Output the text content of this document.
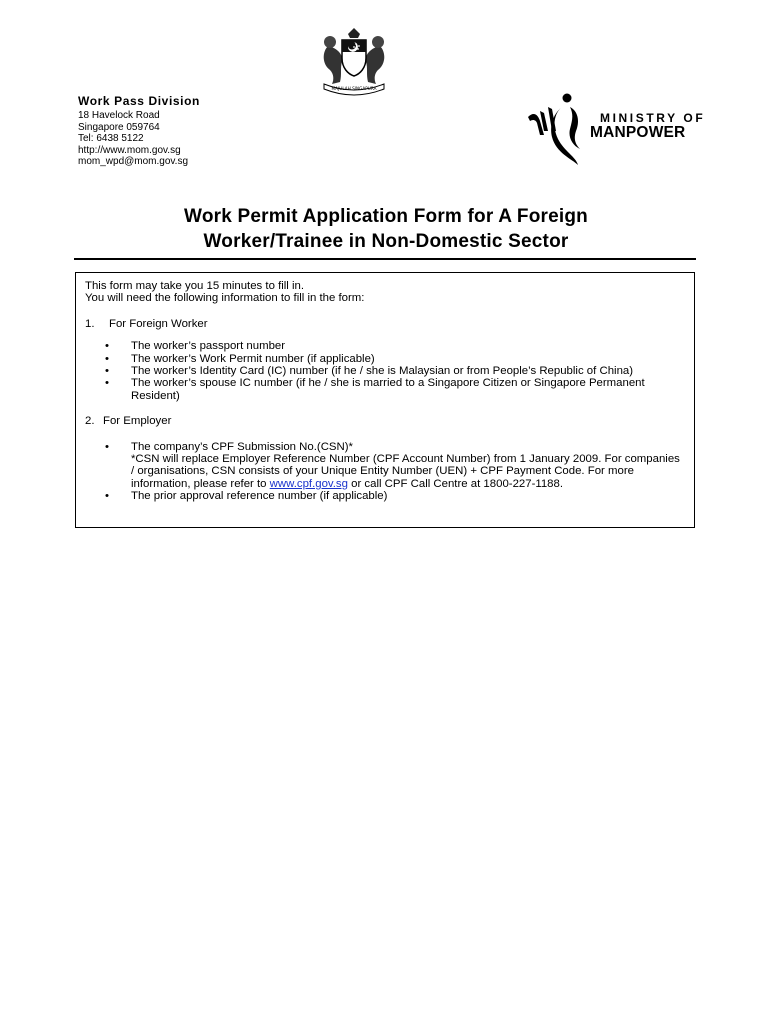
MAJULAH SINGAPURA
Work Pass Division
18 Havelock Road
Singapore 059764
Tel: 6438 5122
http://www.mom.gov.sg
mom_wpd@mom.gov.sg
MINISTRY OF
MANPOWER
Work Permit Application Form for A Foreign
Worker/Trainee in Non-Domestic Sector

This form may take you 15 minutes to fill in.

You will need the following information to fill in the form:

1.	For Foreign Worker
• The worker’s passport number
• The worker’s Work Permit number (if applicable)
• The worker’s Identity Card (IC) number (if he / she is Malaysian or from People’s Republic of China)
• The worker’s spouse IC number (if he / she is married to a Singapore Citizen or Singapore Permanent Resident)
2. For Employer
• The company’s CPF Submission No.(CSN)*
*CSN will replace Employer Reference Number (CPF Account Number) from 1 January 2009. For companies / organisations, CSN consists of your Unique Entity Number (UEN) + CPF Payment Code. For more information, please refer to www.cpf.gov.sg or call CPF Call Centre at 1800-227-1188.
• The prior approval reference number (if applicable)
